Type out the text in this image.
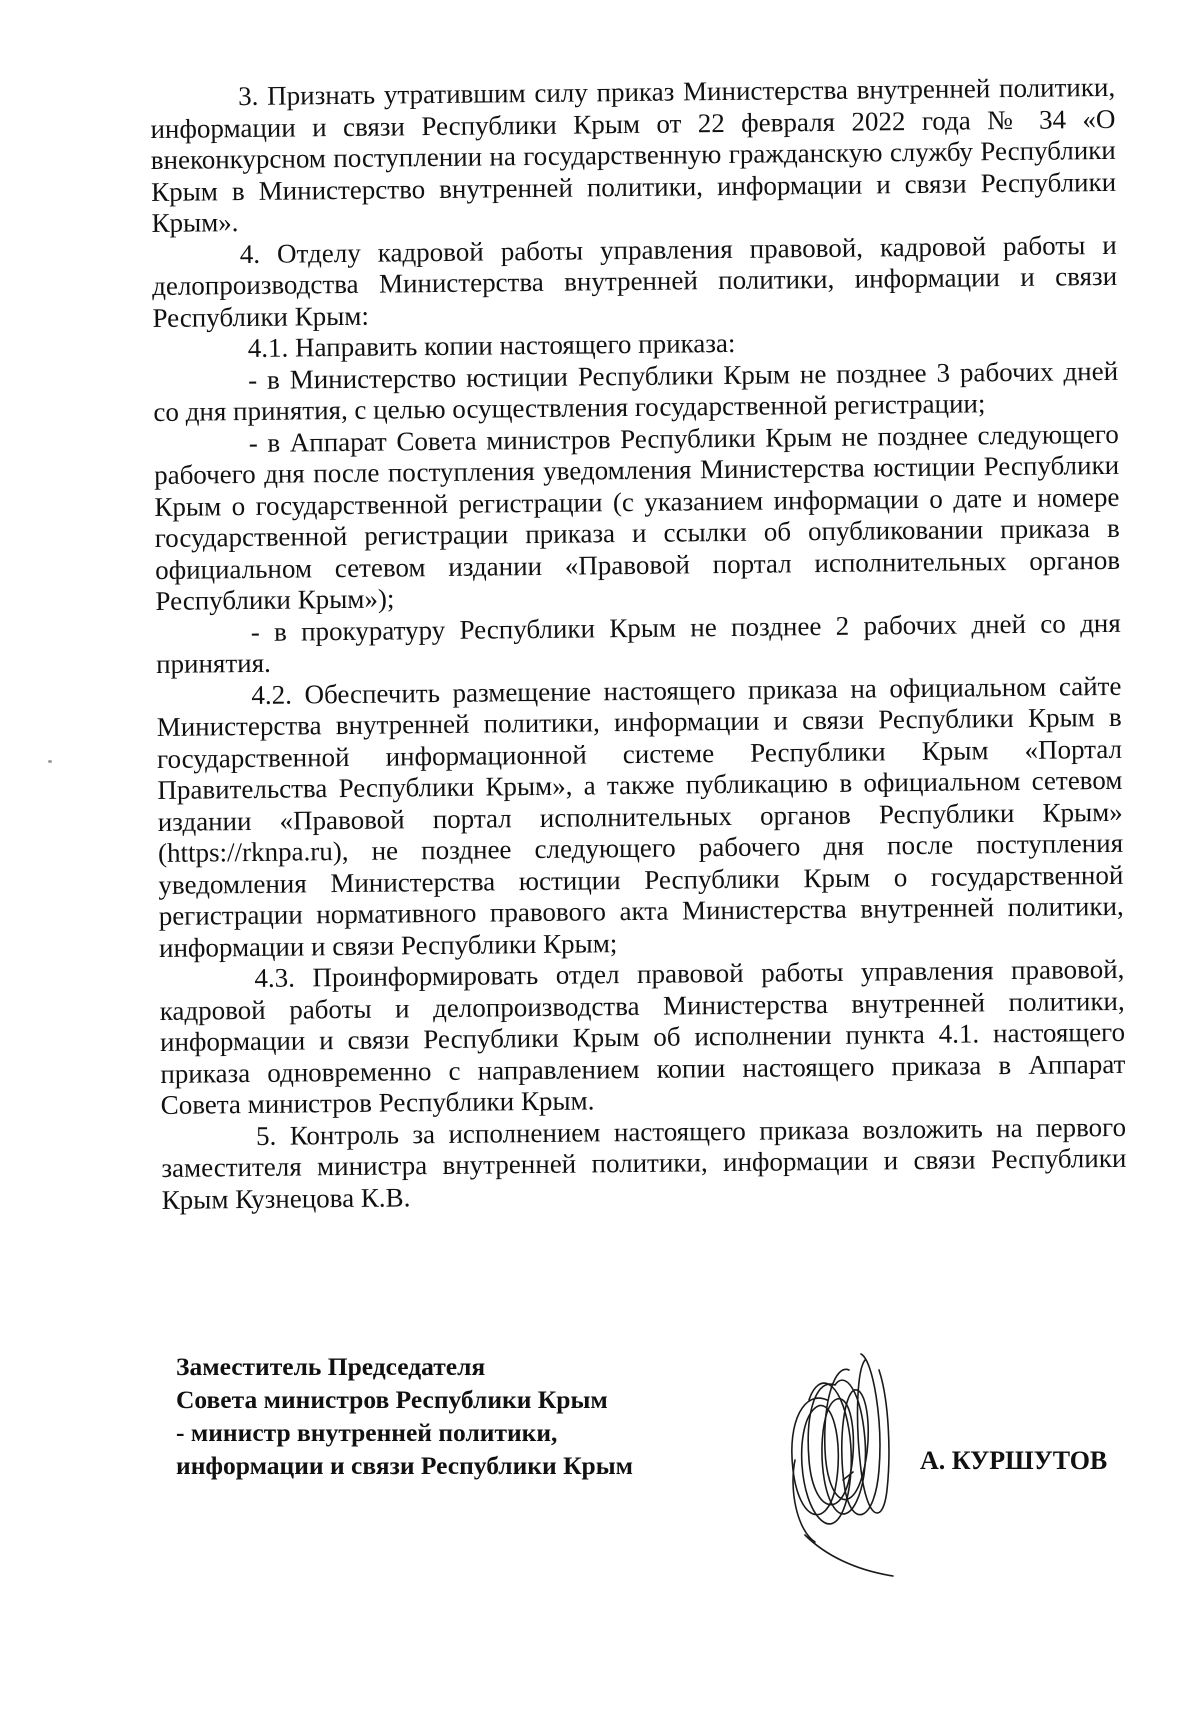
3. Признать утратившим силу приказ Министерства внутренней политики, информации и связи Республики Крым от 22 февраля 2022 года № 34 «О внеконкурсном поступлении на государственную гражданскую службу Республики Крым в Министерство внутренней политики, информации и связи Республики Крым».

4. Отделу кадровой работы управления правовой, кадровой работы и делопроизводства Министерства внутренней политики, информации и связи Республики Крым:

4.1. Направить копии настоящего приказа:

- в Министерство юстиции Республики Крым не позднее 3 рабочих дней со дня принятия, с целью осуществления государственной регистрации;

- в Аппарат Совета министров Республики Крым не позднее следующего рабочего дня после поступления уведомления Министерства юстиции Республики Крым о государственной регистрации (с указанием информации о дате и номере государственной регистрации приказа и ссылки об опубликовании приказа в официальном сетевом издании «Правовой портал исполнительных органов Республики Крым»);

- в прокуратуру Республики Крым не позднее 2 рабочих дней со дня принятия.

4.2. Обеспечить размещение настоящего приказа на официальном сайте Министерства внутренней политики, информации и связи Республики Крым в государственной информационной системе Республики Крым «Портал Правительства Республики Крым», а также публикацию в официальном сетевом издании «Правовой портал исполнительных органов Республики Крым» (https://rknpa.ru), не позднее следующего рабочего дня после поступления уведомления Министерства юстиции Республики Крым о государственной регистрации нормативного правового акта Министерства внутренней политики, информации и связи Республики Крым;

4.3. Проинформировать отдел правовой работы управления правовой, кадровой работы и делопроизводства Министерства внутренней политики, информации и связи Республики Крым об исполнении пункта 4.1. настоящего приказа одновременно с направлением копии настоящего приказа в Аппарат Совета министров Республики Крым.

5. Контроль за исполнением настоящего приказа возложить на первого заместителя министра внутренней политики, информации и связи Республики Крым Кузнецова К.В.

Заместитель Председателя
Совета министров Республики Крым
- министр внутренней политики,
информации и связи Республики Крым	А. КУРШУТОВ
